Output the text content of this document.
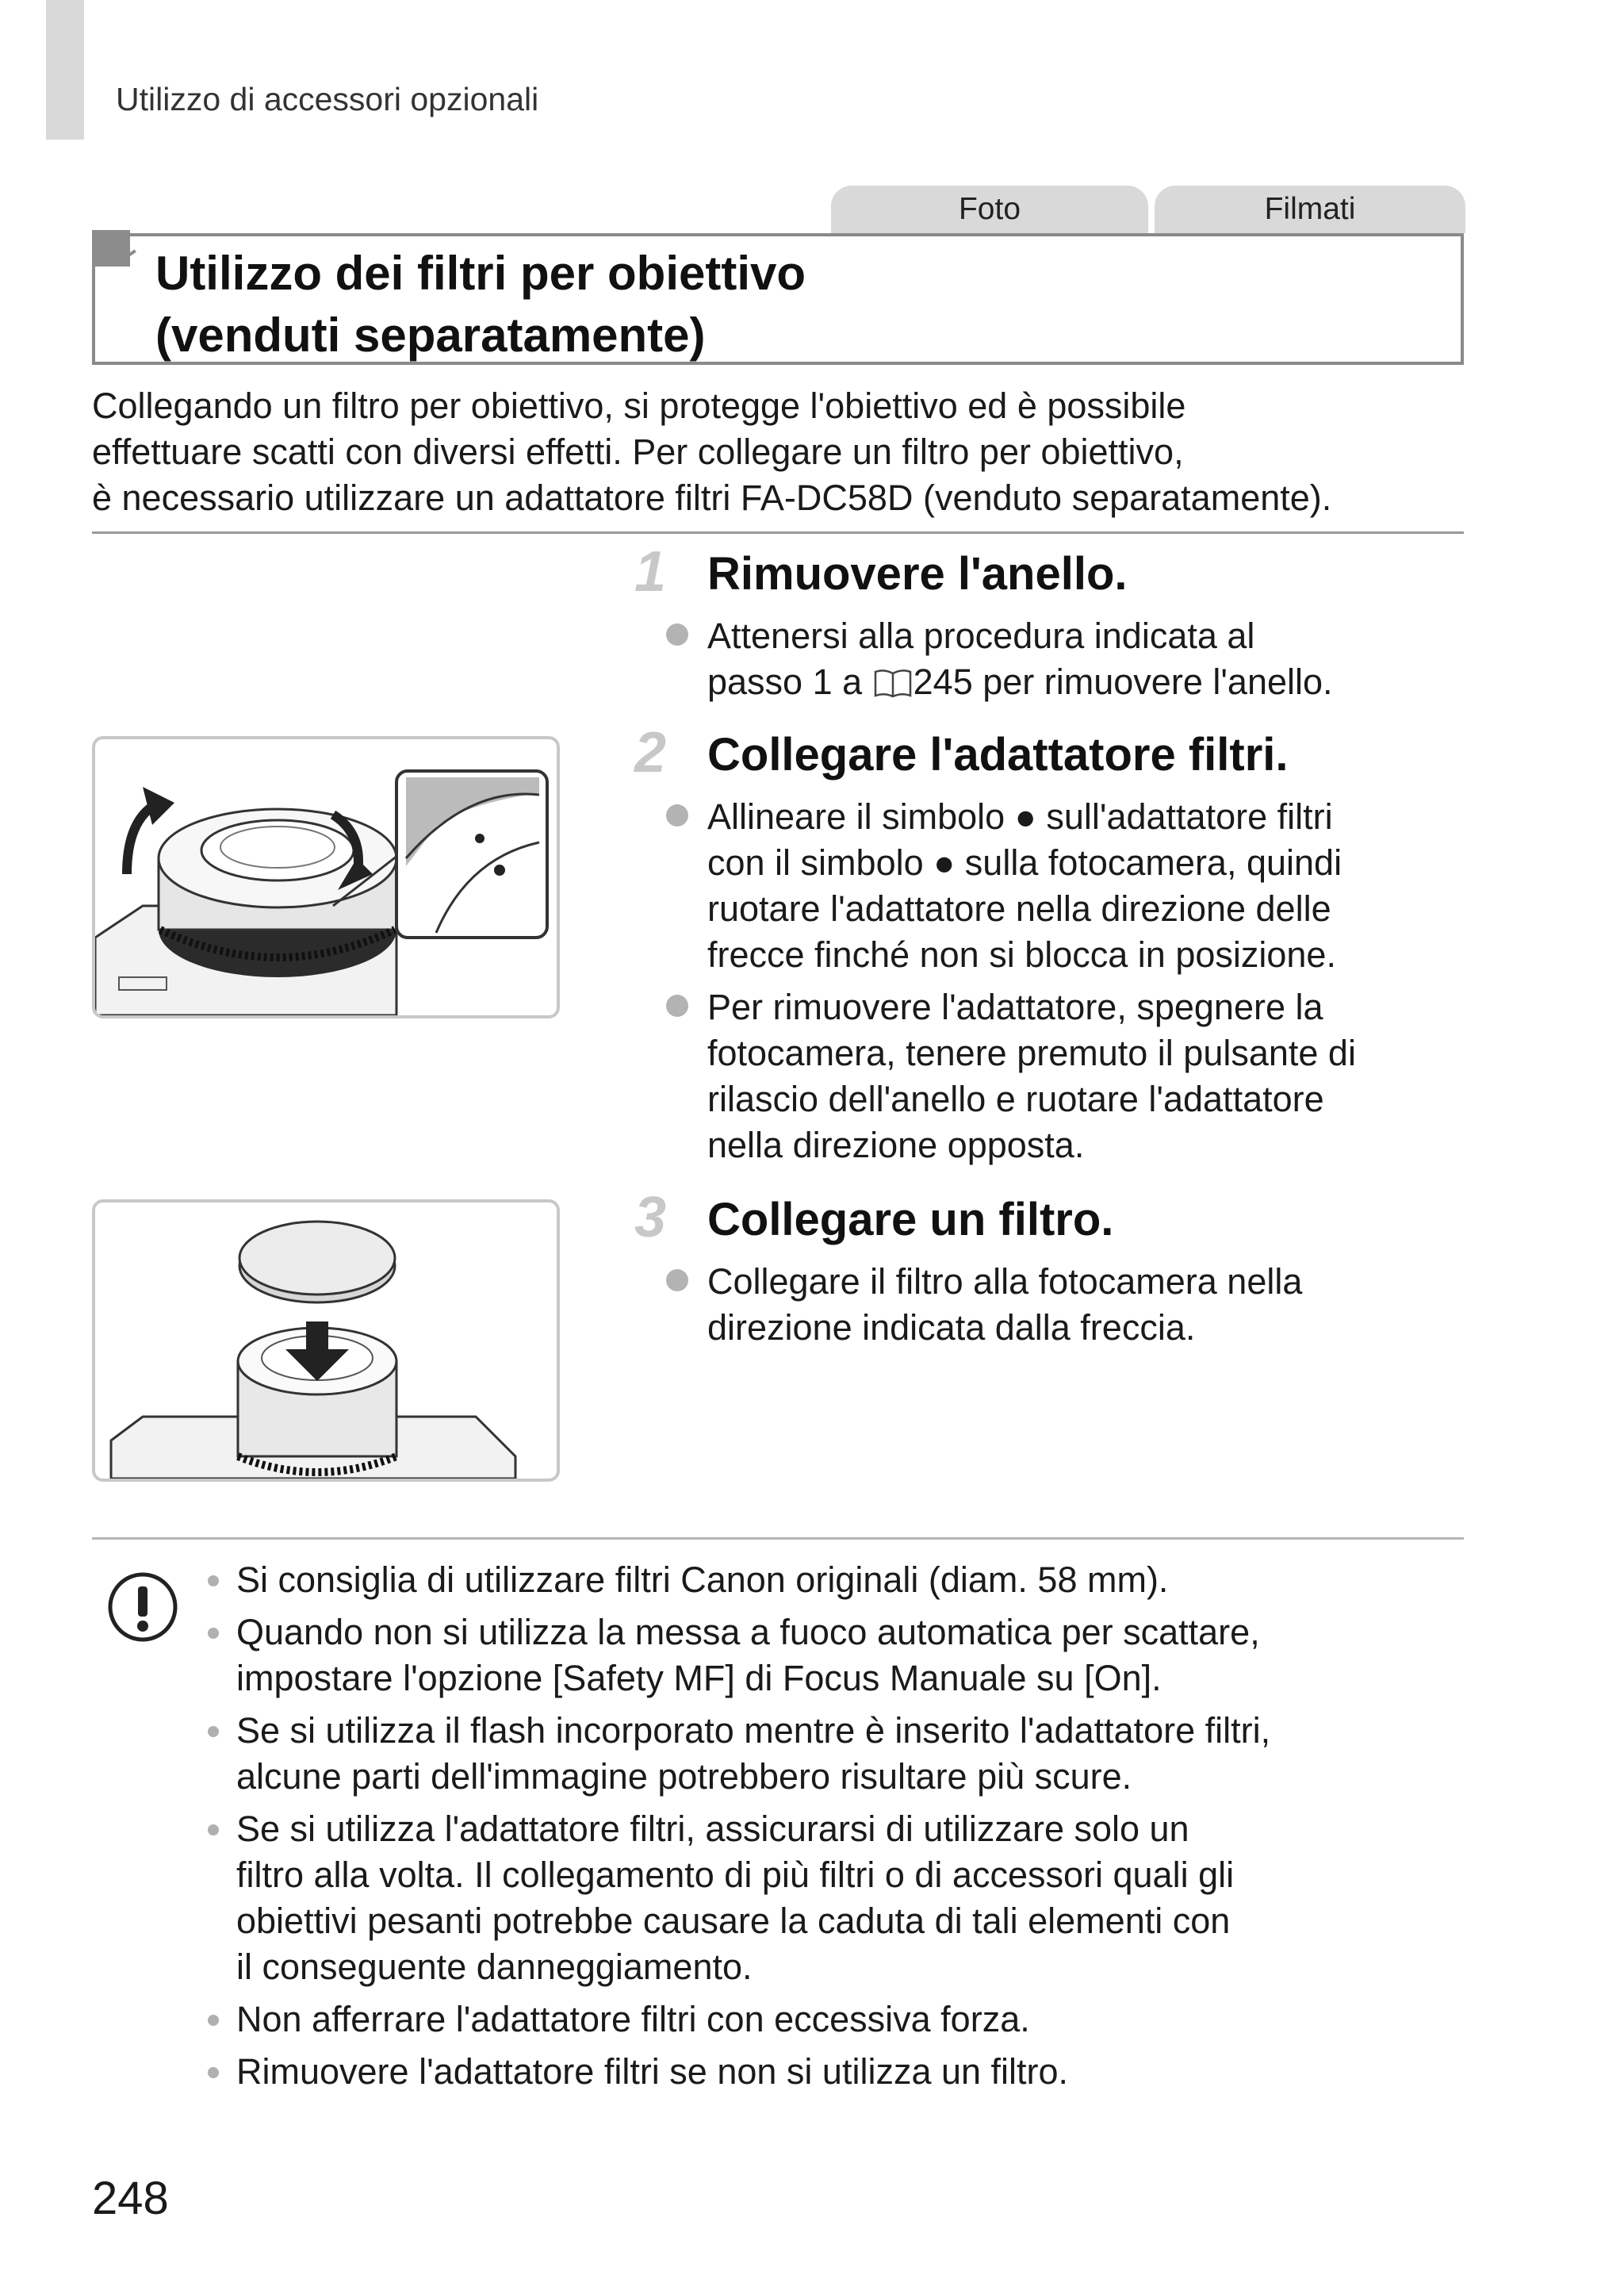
Utilizzo di accessori opzionali
Foto	Filmati
Utilizzo dei filtri per obiettivo
(venduti separatamente)
Collegando un filtro per obiettivo, si protegge l'obiettivo ed è possibile
effettuare scatti con diversi effetti. Per collegare un filtro per obiettivo,
è necessario utilizzare un adattatore filtri FA-DC58D (venduto separatamente).
1 Rimuovere l'anello.
Attenersi alla procedura indicata al
passo 1 a 245 per rimuovere l'anello.
2 Collegare l'adattatore filtri.
Allineare il simbolo ● sull'adattatore filtri
con il simbolo ● sulla fotocamera, quindi
ruotare l'adattatore nella direzione delle
frecce finché non si blocca in posizione.
Per rimuovere l'adattatore, spegnere la
fotocamera, tenere premuto il pulsante di
rilascio dell'anello e ruotare l'adattatore
nella direzione opposta.
3 Collegare un filtro.
Collegare il filtro alla fotocamera nella
direzione indicata dalla freccia.
Si consiglia di utilizzare filtri Canon originali (diam. 58 mm).
Quando non si utilizza la messa a fuoco automatica per scattare,
impostare l'opzione [Safety MF] di Focus Manuale su [On].
Se si utilizza il flash incorporato mentre è inserito l'adattatore filtri,
alcune parti dell'immagine potrebbero risultare più scure.
Se si utilizza l'adattatore filtri, assicurarsi di utilizzare solo un
filtro alla volta. Il collegamento di più filtri o di accessori quali gli
obiettivi pesanti potrebbe causare la caduta di tali elementi con
il conseguente danneggiamento.
Non afferrare l'adattatore filtri con eccessiva forza.
Rimuovere l'adattatore filtri se non si utilizza un filtro.
248
